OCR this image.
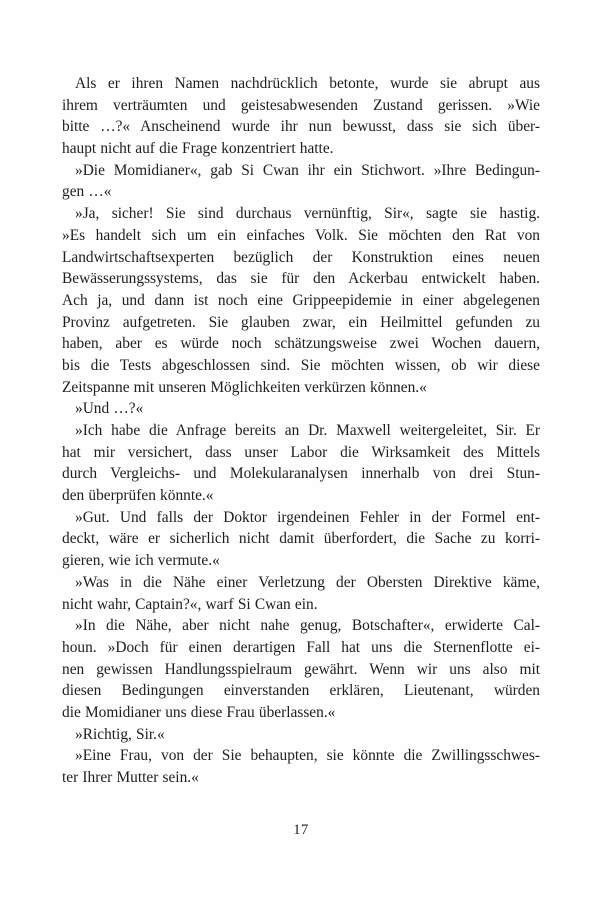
Als er ihren Namen nachdrücklich betonte, wurde sie abrupt aus
ihrem verträumten und geistesabwesenden Zustand gerissen. »Wie
bitte …?« Anscheinend wurde ihr nun bewusst, dass sie sich über-
haupt nicht auf die Frage konzentriert hatte.
»Die Momidianer«, gab Si Cwan ihr ein Stichwort. »Ihre Bedingun-
gen …«
»Ja, sicher! Sie sind durchaus vernünftig, Sir«, sagte sie hastig.
»Es handelt sich um ein einfaches Volk. Sie möchten den Rat von
Landwirtschaftsexperten bezüglich der Konstruktion eines neuen
Bewässerungssystems, das sie für den Ackerbau entwickelt haben.
Ach ja, und dann ist noch eine Grippeepidemie in einer abgelegenen
Provinz aufgetreten. Sie glauben zwar, ein Heilmittel gefunden zu
haben, aber es würde noch schätzungsweise zwei Wochen dauern,
bis die Tests abgeschlossen sind. Sie möchten wissen, ob wir diese
Zeitspanne mit unseren Möglichkeiten verkürzen können.«
»Und …?«
»Ich habe die Anfrage bereits an Dr. Maxwell weitergeleitet, Sir. Er
hat mir versichert, dass unser Labor die Wirksamkeit des Mittels
durch Vergleichs- und Molekularanalysen innerhalb von drei Stun-
den überprüfen könnte.«
»Gut. Und falls der Doktor irgendeinen Fehler in der Formel ent-
deckt, wäre er sicherlich nicht damit überfordert, die Sache zu korri-
gieren, wie ich vermute.«
»Was in die Nähe einer Verletzung der Obersten Direktive käme,
nicht wahr, Captain?«, warf Si Cwan ein.
»In die Nähe, aber nicht nahe genug, Botschafter«, erwiderte Cal-
houn. »Doch für einen derartigen Fall hat uns die Sternenflotte ei-
nen gewissen Handlungsspielraum gewährt. Wenn wir uns also mit
diesen Bedingungen einverstanden erklären, Lieutenant, würden
die Momidianer uns diese Frau überlassen.«
»Richtig, Sir.«
»Eine Frau, von der Sie behaupten, sie könnte die Zwillingsschwes-
ter Ihrer Mutter sein.«
17
